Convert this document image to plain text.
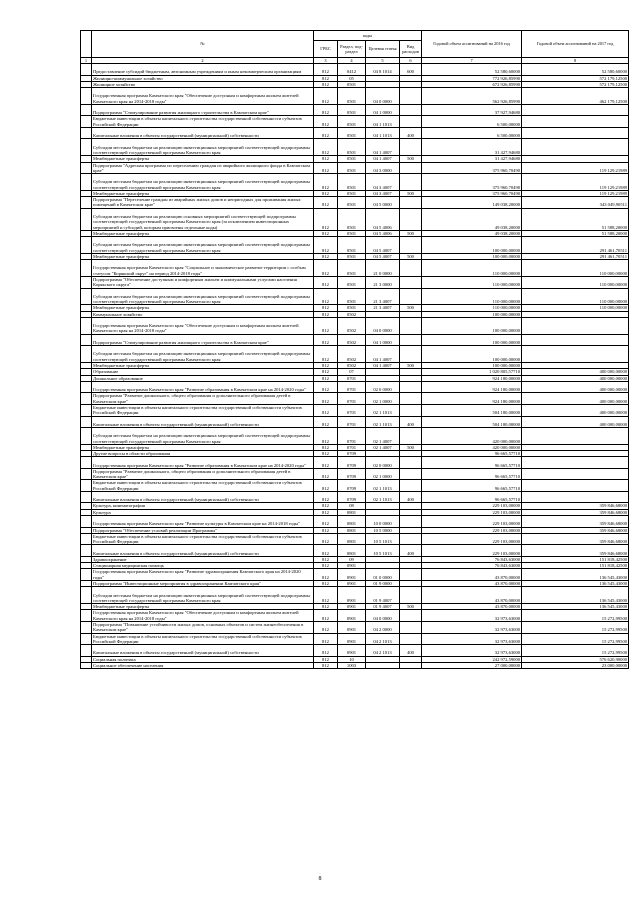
	№	коды				Годовой объем ассигнований на 2016 год	Годовой объем ассигнований на 2017 год
		ГРБС	Раздел, под-раздел	Целевая статья	Вид расходов		
1	2	3	4	5	6	7	8
	Предоставление субсидий бюджетным, автономным учреждениям и иным некоммерческим организациям	812	0412	04 8 1014	600	52 580,60000	52 580,60000
	Жилищно-коммунальное хозяйство	812	05			772 926,85990	572 179,12500
	Жилищное хозяйство	812	0501			672 926,85990	572 179,12500
	Государственная программа Камчатского края "Обеспечение доступным и комфортным жильем жителей Камчатского края на 2014-2018 годы"	812	0501	04 0 0000		562 926,85990	462 179,12500
	Подпрограмма "Стимулирование развития жилищного строительства в Камчатском крае"	812	0501	04 1 0000		37 927,94680	
	Бюджетные инвестиции в объекты капитального строительства государственной собственности субъектов Российской Федерации	812	0501	04 1 1013		6 500,00000	
	Капитальные вложения в объекты государственной (муниципальной) собственности	812	0501	04 1 1013	400	6 500,00000	
	Субсидии местным бюджетам на реализацию инвестиционных мероприятий соответствующей подпрограммы соответствующей государственной программы Камчатского края	812	0501	04 1 4007		31 427,94680	
	Межбюджетные трансферты	812	0501	04 1 4007	500	31 427,94680	
	Подпрограмма "Адресная программа по переселению граждан из аварийного жилищного фонда в Камчатском крае"	812	0501	04 3 0000		375 960,70490	119 129,21989
	Субсидии местным бюджетам на реализацию инвестиционных мероприятий соответствующей подпрограммы соответствующей государственной программы Камчатского края	812	0501	04 3 4007		375 960,70490	119 129,21989
	Межбюджетные трансферты	812	0501	04 3 4007	500	375 960,70490	119 129,21989
	Подпрограмма "Переселение граждан из аварийных жилых домов и непригодных для проживания жилых помещений в Камчатском крае"	812	0501	04 5 0000		149 038,20000	343 049,90511
	Субсидии местным бюджетам на реализацию основных мероприятий соответствующей подпрограммы соответствующей государственной программы Камчатского края (за исключением инвестиционных мероприятий и субсидий, которым присвоены отдельные коды)	812	0501	04 5 4006		49 038,20000	51 588,20000
	Межбюджетные трансферты	812	0501	04 5 4006	500	49 038,20000	51 588,20000
	Субсидии местным бюджетам на реализацию инвестиционных мероприятий соответствующей подпрограммы соответствующей государственной программы Камчатского края	812	0501	04 5 4007		100 000,00000	291 461,70511
	Межбюджетные трансферты	812	0501	04 5 4007	500	100 000,00000	291 461,70511
	Государственная программа Камчатского края "Социальное и экономическое развитие территории с особым статусом "Корякский округ" на период 2014-2018 годы"	812	0501	21 0 0000		110 000,00000	110 000,00000
	Подпрограмма "Обеспечение доступным и комфортным жильем и коммунальными услугами населения Корякского округа"	812	0501	21 3 0000		110 000,00000	110 000,00000
	Субсидии местным бюджетам на реализацию инвестиционных мероприятий соответствующей подпрограммы соответствующей государственной программы Камчатского края	812	0501	21 3 4007		110 000,00000	110 000,00000
	Межбюджетные трансферты	812	0501	21 3 4007	500	110 000,00000	110 000,00000
	Коммунальное хозяйство	812	0502			100 000,00000	
	Государственная программа Камчатского края "Обеспечение доступным и комфортным жильем жителей Камчатского края на 2014-2018 годы"	812	0502	04 0 0000		100 000,00000	
	Подпрограмма "Стимулирование развития жилищного строительства в Камчатском крае"	812	0502	04 1 0000		100 000,00000	
	Субсидии местным бюджетам на реализацию инвестиционных мероприятий соответствующей подпрограммы соответствующей государственной программы Камчатского края	812	0502	04 1 4007		100 000,00000	
	Межбюджетные трансферты	812	0502	04 1 4007	500	100 000,00000	
	Образование	812	07			1 020 805,57710	400 000,00000
	Дошкольное образование	812	0701			924 180,00000	400 000,00000
	Государственная программа Камчатского края "Развитие образования в Камчатском крае на 2014-2020 годы"	812	0701	02 0 0000		924 180,00000	400 000,00000
	Подпрограмма "Развитие дошкольного, общего образования и дополнительного образования детей в Камчатском крае"	812	0701	02 1 0000		924 180,00000	400 000,00000
	Бюджетные инвестиции в объекты капитального строительства государственной собственности субъектов Российской Федерации	812	0701	02 1 1013		504 180,00000	400 000,00000
	Капитальные вложения в объекты государственной (муниципальной) собственности	812	0701	02 1 1013	400	504 180,00000	400 000,00000
	Субсидии местным бюджетам на реализацию инвестиционных мероприятий соответствующей подпрограммы соответствующей государственной программы Камчатского края	812	0701	02 1 4007		420 000,00000	
	Межбюджетные трансферты	812	0701	02 1 4007	500	420 000,00000	
	Другие вопросы в области образования	812	0709			96 665,57710	
	Государственная программа Камчатского края "Развитие образования в Камчатском крае на 2014-2020 годы"	812	0709	02 0 0000		96 665,57710	
	Подпрограмма "Развитие дошкольного, общего образования и дополнительного образования детей в Камчатском крае"	812	0709	02 1 0000		96 665,57710	
	Бюджетные инвестиции в объекты капитального строительства государственной собственности субъектов Российской Федерации	812	0709	02 1 1013		96 665,57710	
	Капитальные вложения в объекты государственной (муниципальной) собственности	812	0709	02 1 1013	400	96 665,57710	
	Культура, кинематография	812	08			229 103,00000	359 846,68000
	Культура	812	0801			229 103,00000	359 846,68000
	Государственная программа Камчатского края "Развитие культуры в Камчатском крае на 2014-2018 годы"	812	0801	10 0 0000		229 103,00000	359 846,68000
	Подпрограмма "Обеспечение условий реализации Программы"	812	0801	10 5 0000		229 103,00000	359 846,68000
	Бюджетные инвестиции в объекты капитального строительства государственной собственности субъектов Российской Федерации	812	0801	10 5 1013		229 103,00000	359 846,68000
	Капитальные вложения в объекты государственной (муниципальной) собственности	812	0801	10 5 1013	400	229 103,00000	359 846,68000
	Здравоохранение	812	09			76 843,63000	151 818,42500
	Стационарная медицинская помощь	812	0901			76 843,63000	151 818,42500
	Государственная программа Камчатского края "Развитие здравоохранения Камчатского края на 2014-2020 годы"	812	0901	01 0 0000		43 870,00000	136 545,43000
	Подпрограмма "Инвестиционные мероприятия в здравоохранении Камчатского края"	812	0901	01 9 0000		43 870,00000	136 545,43000
	Субсидии местным бюджетам на реализацию инвестиционных мероприятий соответствующей подпрограммы соответствующей государственной программы Камчатского края	812	0901	01 9 4007		43 870,00000	136 545,43000
	Межбюджетные трансферты	812	0901	01 9 4007	500	43 870,00000	136 545,43000
	Государственная программа Камчатского края "Обеспечение доступным и комфортным жильем жителей Камчатского края на 2014-2018 годы"	812	0901	04 0 0000		32 973,63000	15 272,99500
	Подпрограмма "Повышение устойчивости жилых домов, основных объектов и систем жизнеобеспечения в Камчатском крае"	812	0901	04 2 0000		32 973,63000	15 272,99500
	Бюджетные инвестиции в объекты капитального строительства государственной собственности субъектов Российской Федерации	812	0901	04 2 1013		32 973,63000	15 272,99500
	Капитальные вложения в объекты государственной (муниципальной) собственности	812	0901	04 2 1013	400	32 973,63000	15 272,99500
	Социальная политика	812	10			242 972,59000	576 620,90000
	Социальное обеспечение населения	812	1003			27 000,00000	23 000,00000
8
